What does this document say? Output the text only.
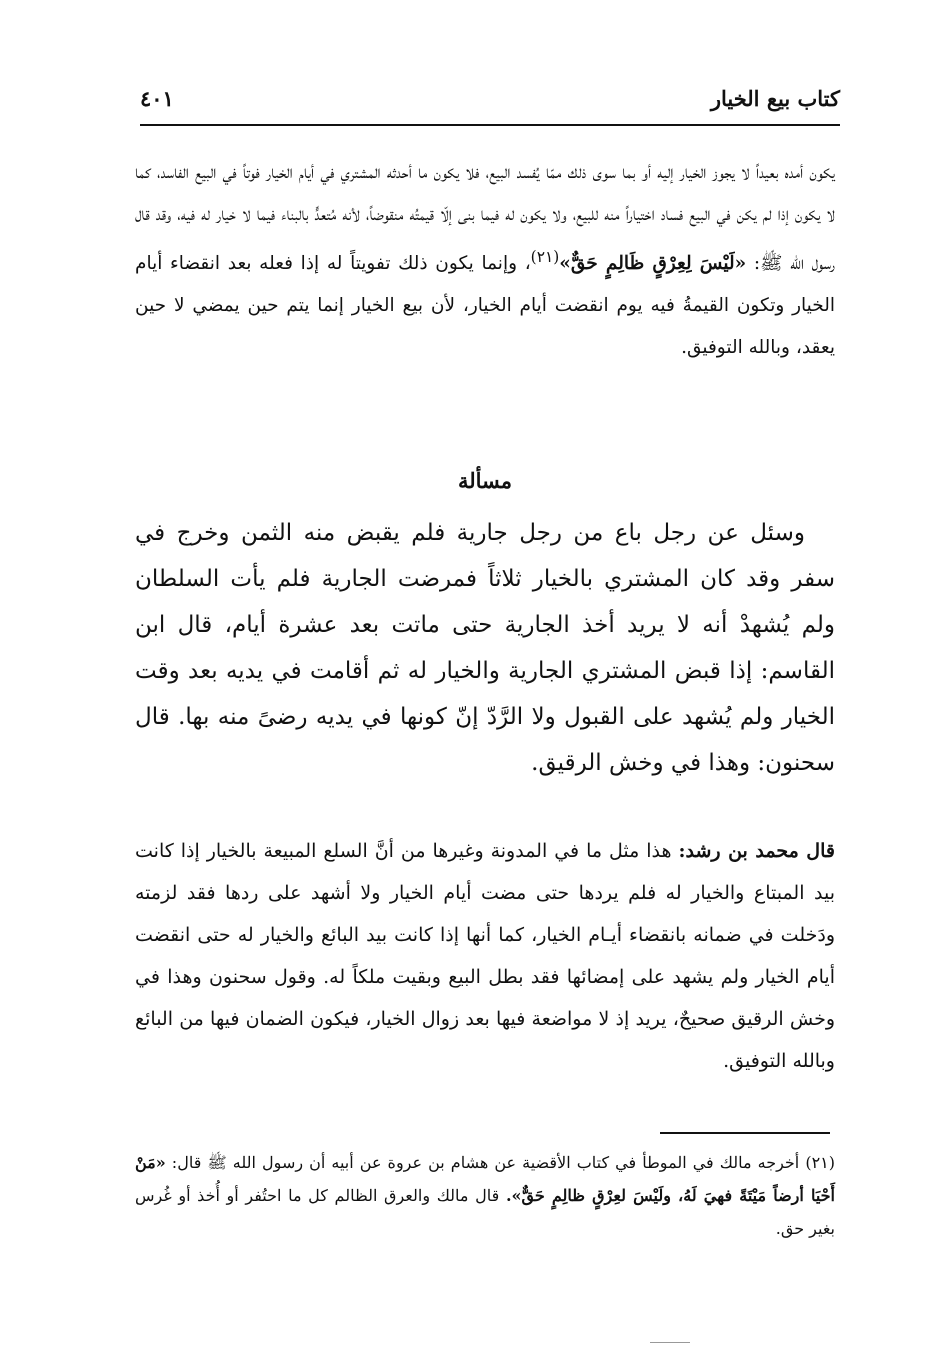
كتاب بيع الخيار
٤٠١
يكون أمده بعيداً لا يجوز الخيار إليه أو بما سوى ذلك ممّا يُفسد البيع، فلا يكون ما أحدثه المشتري في أيام الخيار فوتاً في البيع الفاسد، كما لا يكون إذا لم يكن في البيع فساد اختياراً منه للبيع، ولا يكون له فيما بنى إلّا قيمتُه منقوضاً، لأنه مُتعدٍّ بالبناء فيما لا خيار له فيه، وقد قال رسول الله ﷺ: «لَيْسَ لِعِرْقٍ ظَالِمٍ حَقٌّ»$^{(٢١)}$، وإنما يكون ذلك تفويتاً له إذا فعله بعد انقضاء أيام الخيار وتكون القيمةُ فيه يوم انقضت أيام الخيار، لأن بيع الخيار إنما يتم حين يمضي لا حين يعقد، وبالله التوفيق.
مسألة
وسئل عن رجل باع من رجل جارية فلم يقبض منه الثمن وخرج في سفر وقد كان المشتري بالخيار ثلاثاً فمرضت الجارية فلم يأت السلطان ولم يُشهدْ أنه لا يريد أخذ الجارية حتى ماتت بعد عشرة أيام، قال ابن القاسم: إذا قبض المشتري الجارية والخيار له ثم أقامت في يديه بعد وقت الخيار ولم يُشهد على القبول ولا الرَّدّ إنّ كونها في يديه رضىً منه بها. قال سحنون: وهذا في وخش الرقيق.
قال محمد بن رشد: هذا مثل ما في المدونة وغيرها من أنَّ السلع المبيعة بالخيار إذا كانت بيد المبتاع والخيار له فلم يردها حتى مضت أيام الخيار ولا أشهد على ردها فقد لزمته ودَخلت في ضمانه بانقضاء أيـام الخيار، كما أنها إذا كانت بيد البائع والخيار له حتى انقضت أيام الخيار ولم يشهد على إمضائها فقد بطل البيع وبقيت ملكاً له. وقول سحنون وهذا في وخش الرقيق صحيحٌ، يريد إذ لا مواضعة فيها بعد زوال الخيار، فيكون الضمان فيها من البائع وبالله التوفيق.
(٢١) أخرجه مالك في الموطأ في كتاب الأقضية عن هشام بن عروة عن أبيه أن رسول الله ﷺ قال: «مَنْ أَحْيَا أرضاً مَيْتَةً فهيَ لَهُ، ولَيْسَ لعِرْقٍ ظالِمٍ حَقٌّ». قال مالك والعرق الظالم كل ما احتُفر أو أُخذ أو غُرس بغير حق.
